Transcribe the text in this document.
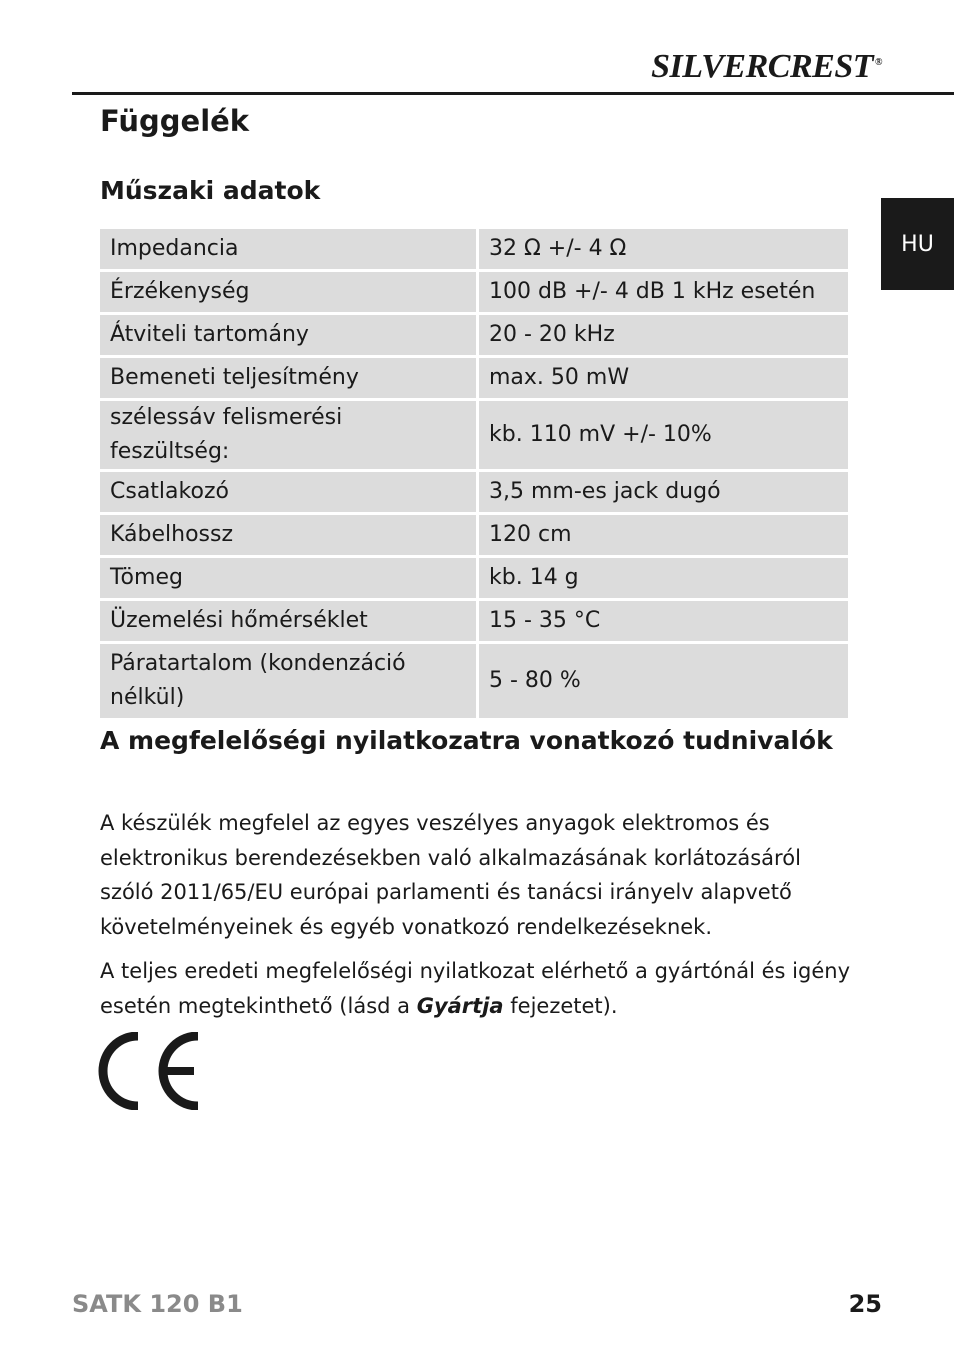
SILVERCREST ®
HU
Függelék
Műszaki adatok
Impedancia	32 Ω +/- 4 Ω
Érzékenység	100 dB +/- 4 dB 1 kHz esetén
Átviteli tartomány	20 - 20 kHz
Bemeneti teljesítmény	max. 50 mW
szélessáv felismerési feszültség:	kb. 110 mV +/- 10%
Csatlakozó	3,5 mm-es jack dugó
Kábelhossz	120 cm
Tömeg	kb. 14 g
Üzemelési hőmérséklet	15 - 35 °C
Páratartalom (kondenzáció nélkül)	5 - 80 %
A megfelelőségi nyilatkozatra vonatkozó tudnivalók

A készülék megfelel az egyes veszélyes anyagok elektromos és elektronikus berendezésekben való alkalmazásának korlátozásáról szóló 2011/65/EU európai parlamenti és tanácsi irányelv alapvető követelményeinek és egyéb vonatkozó rendelkezéseknek.

A teljes eredeti megfelelőségi nyilatkozat elérhető a gyártónál és igény esetén megtekinthető (lásd a Gyártja fejezetet).

SATK 120 B1	25
